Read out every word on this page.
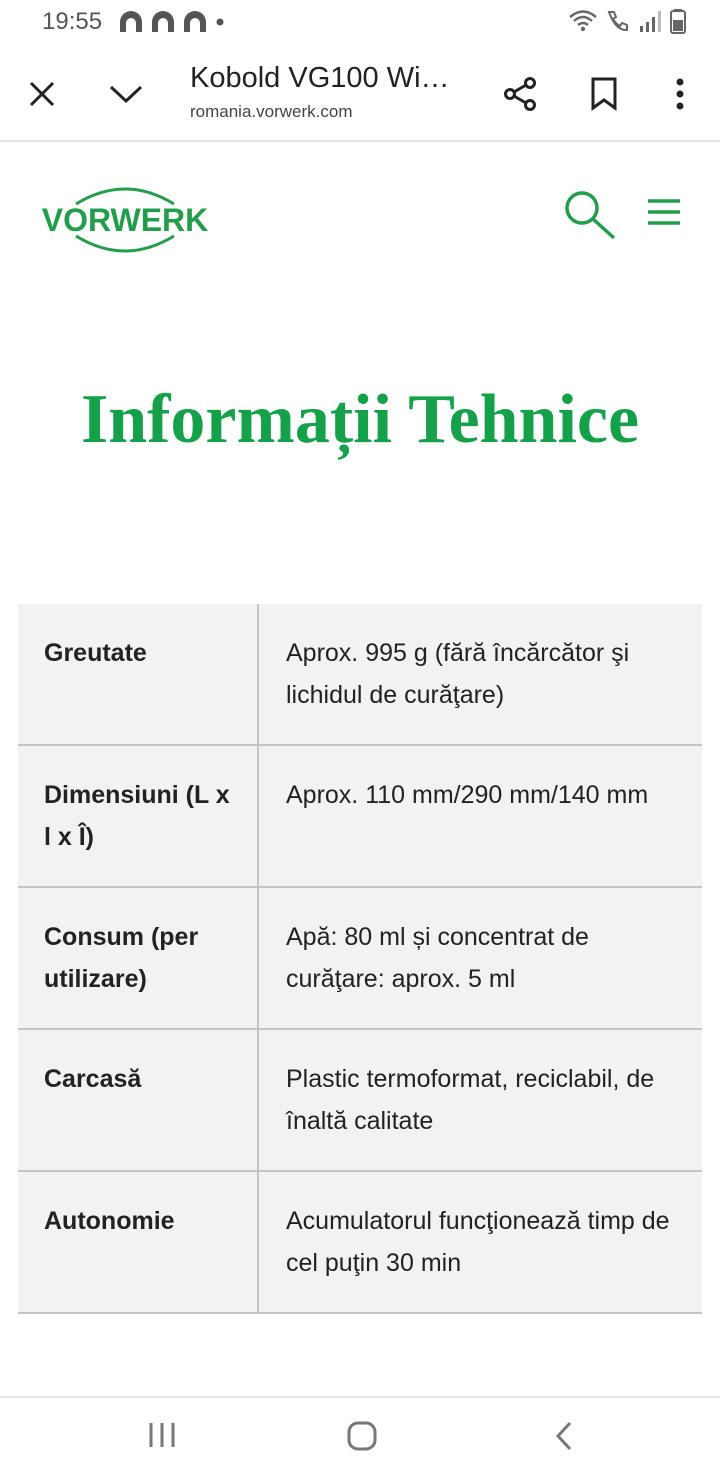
19:55
Kobold VG100 Wi…
romania.vorwerk.com
VORWERK
Informații Tehnice
Greutate	Aprox. 995 g (fără încărcător şi lichidul de curăţare)
Dimensiuni (L x l x Î)	Aprox. 110 mm/290 mm/140 mm
Consum (per utilizare)	Apă: 80 ml și concentrat de curăţare: aprox. 5 ml
Carcasă	Plastic termoformat, reciclabil, de înaltă calitate
Autonomie	Acumulatorul funcţionează timp de cel puţin 30 min
